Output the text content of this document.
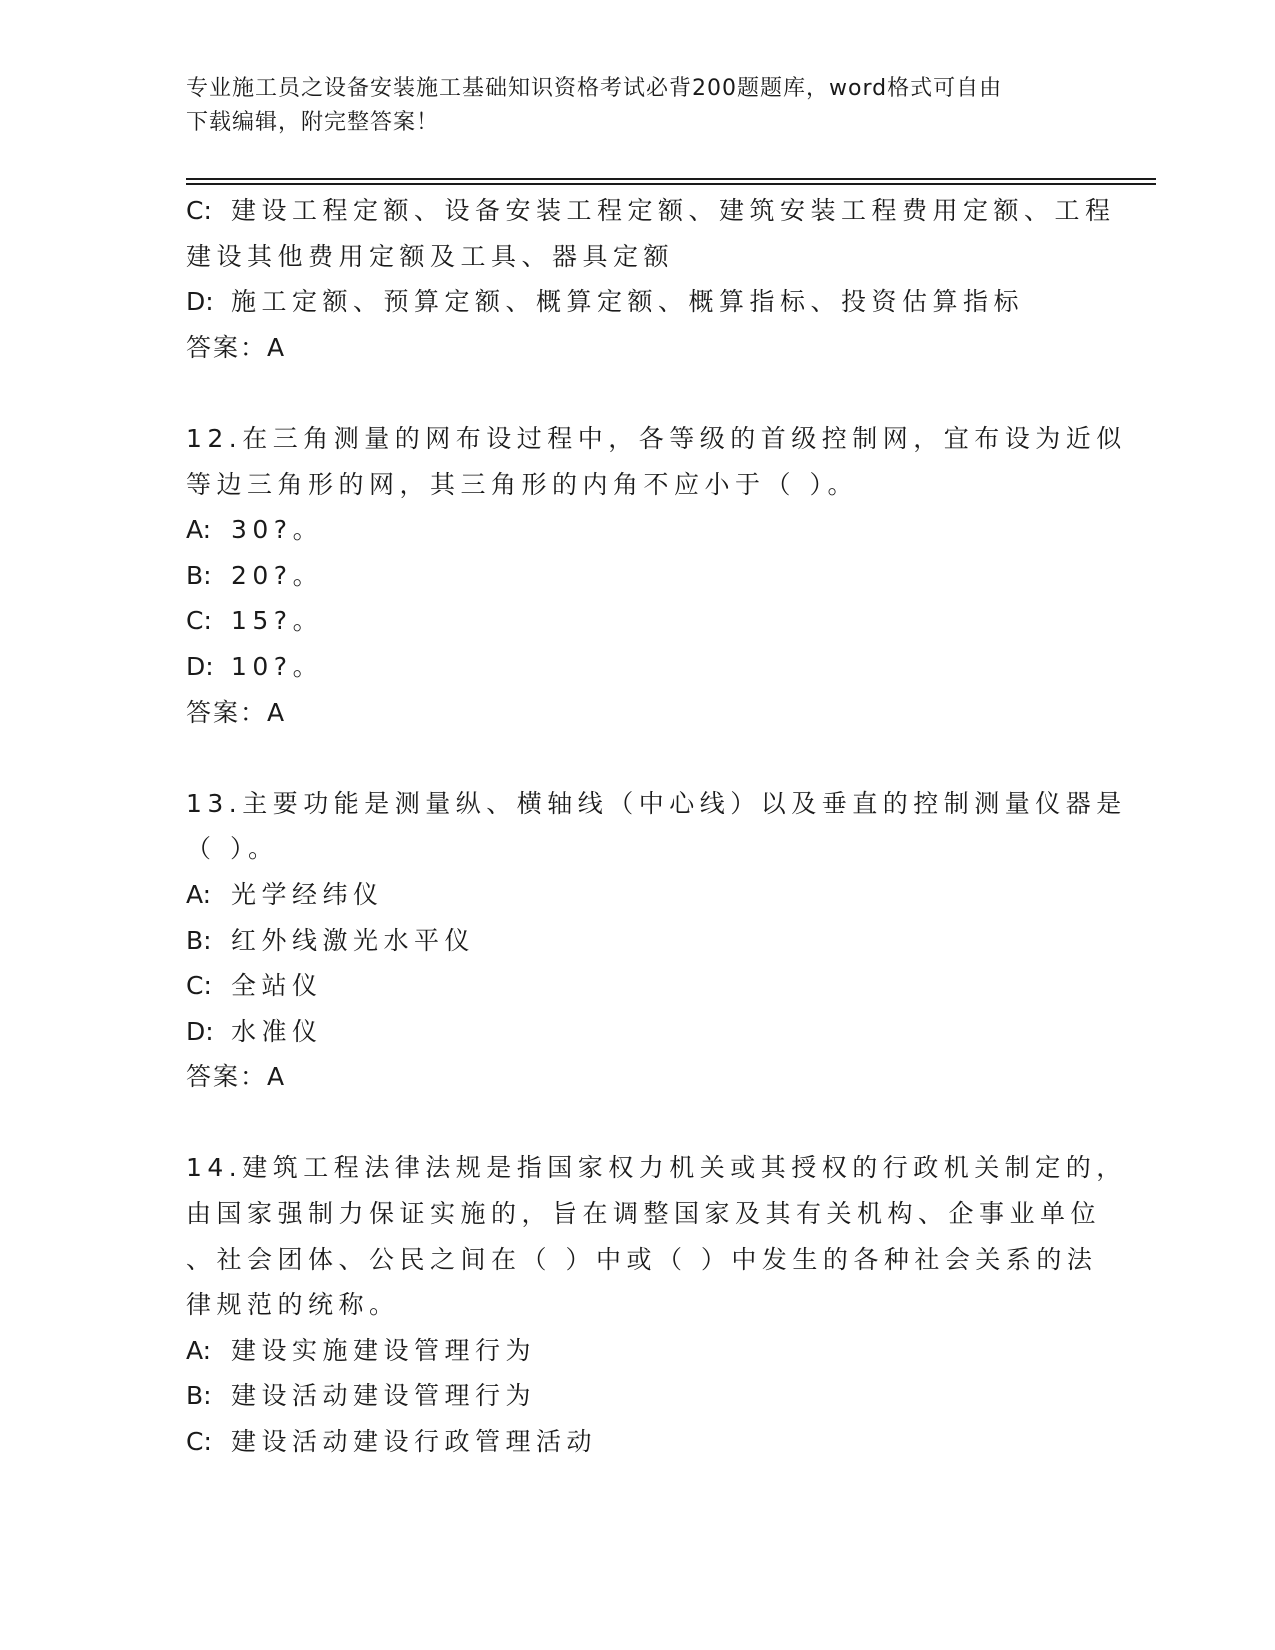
专业施工员之设备安装施工基础知识资格考试必背200题题库，word格式可自由
下载编辑，附完整答案！
C: 建设工程定额、设备安装工程定额、建筑安装工程费用定额、工程
建设其他费用定额及工具、器具定额
D: 施工定额、预算定额、概算定额、概算指标、投资估算指标
答案：A
12.在三角测量的网布设过程中，各等级的首级控制网，宜布设为近似
等边三角形的网，其三角形的内角不应小于（ ）。
A: 30?。
B: 20?。
C: 15?。
D: 10?。
答案：A
13.主要功能是测量纵、横轴线（中心线）以及垂直的控制测量仪器是
（ ）。
A: 光学经纬仪
B: 红外线激光水平仪
C: 全站仪
D: 水准仪
答案：A
14.建筑工程法律法规是指国家权力机关或其授权的行政机关制定的，
由国家强制力保证实施的，旨在调整国家及其有关机构、企事业单位
、社会团体、公民之间在（ ）中或（ ）中发生的各种社会关系的法
律规范的统称。
A: 建设实施建设管理行为
B: 建设活动建设管理行为
C: 建设活动建设行政管理活动
